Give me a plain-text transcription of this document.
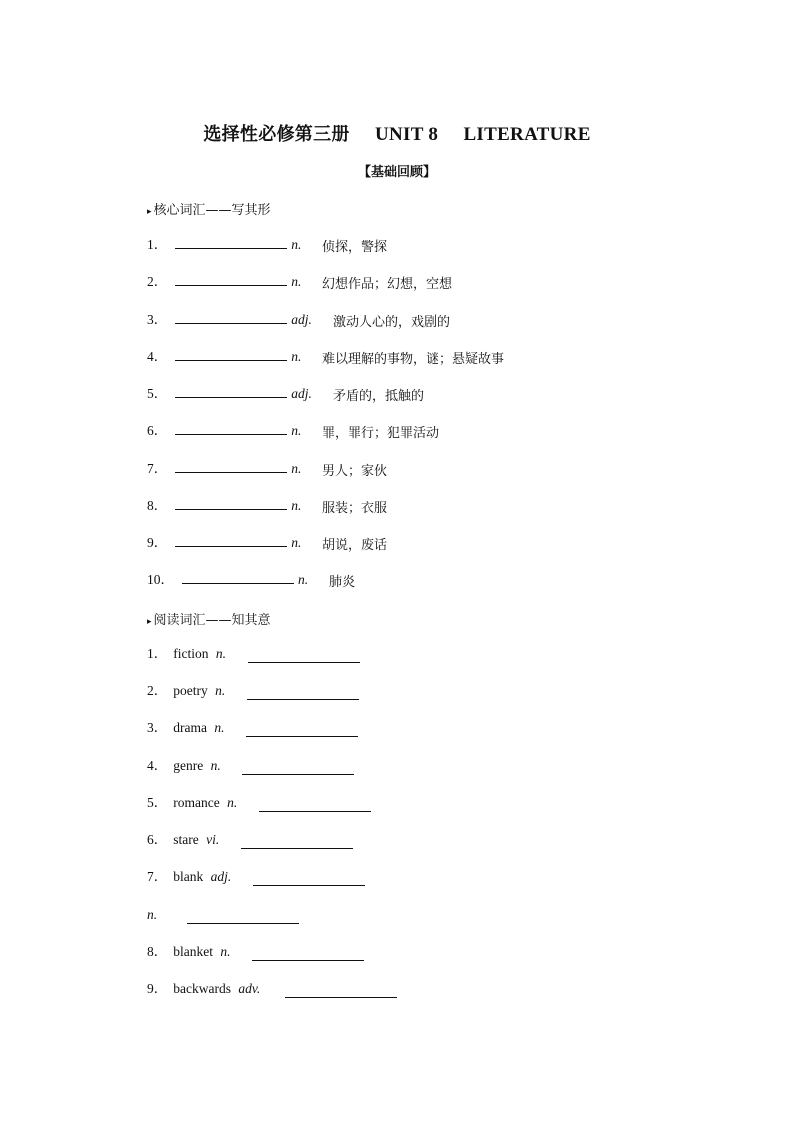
选择性必修第三册 UNIT 8 LITERATURE
【基础回顾】
▸ 核心词汇——写其形
1．	n. 侦探，警探
2．	n. 幻想作品；幻想，空想
3．	adj. 激动人心的，戏剧的
4．	n. 难以理解的事物，谜；悬疑故事
5．	adj. 矛盾的，抵触的
6．	n. 罪，罪行；犯罪活动
7．	n. 男人；家伙
8．	n. 服装；衣服
9．	n. 胡说，废话
10．	n. 肺炎
▸ 阅读词汇——知其意
1． fiction n.
2． poetry n.
3． drama n.
4． genre n.
5． romance n.
6． stare vi.
7． blank adj.
n.
8． blanket n.
9． backwards adv.
